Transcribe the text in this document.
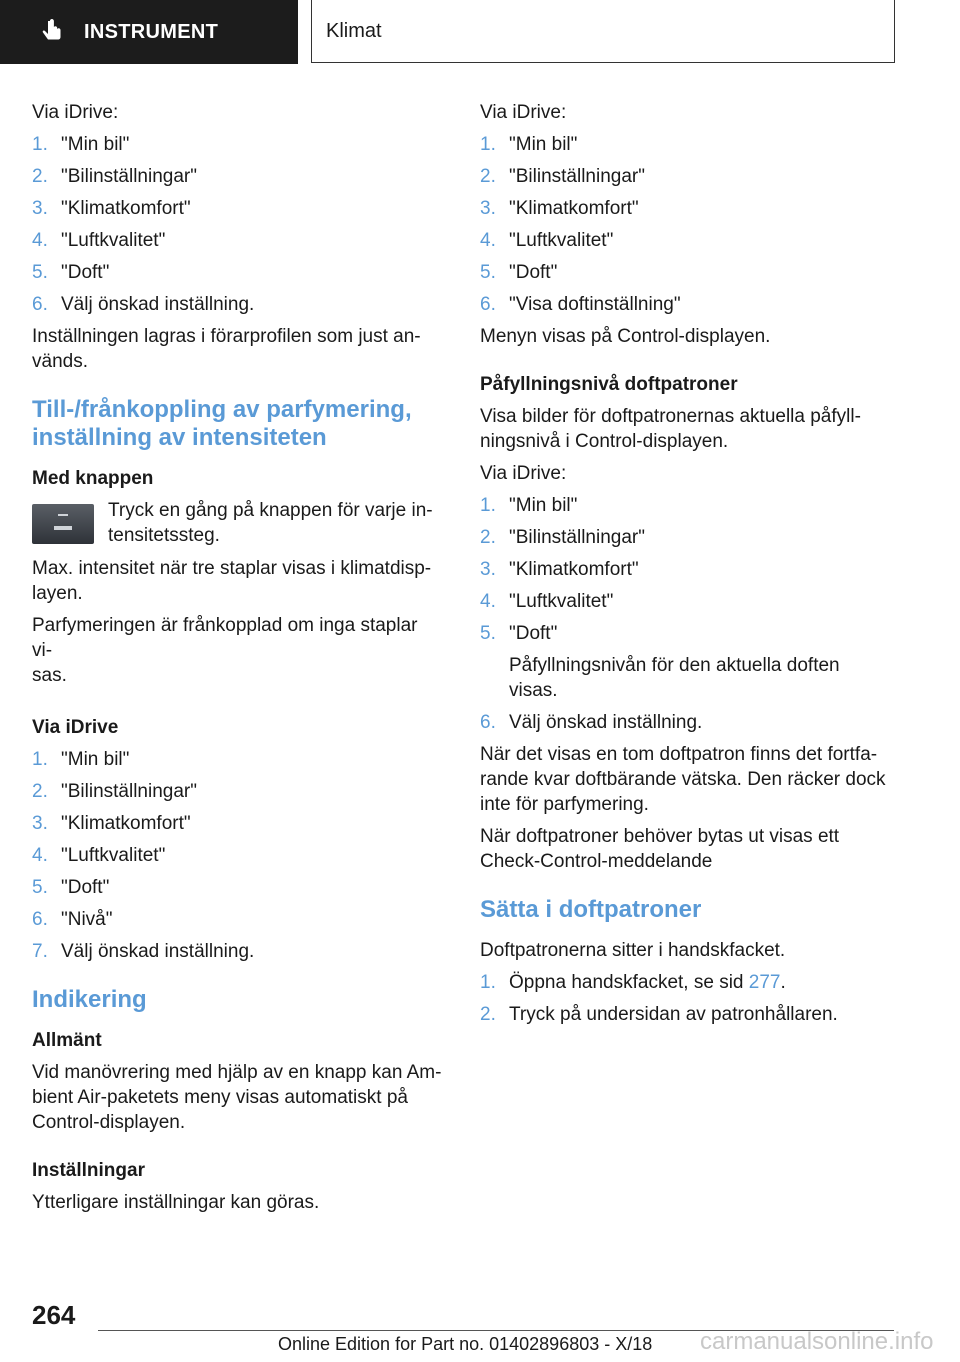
INSTRUMENT	Klimat

Via iDrive:

1. "Min bil"
2. "Bilinställningar"
3. "Klimatkomfort"
4. "Luftkvalitet"
5. "Doft"
6. Välj önskad inställning.

Inställningen lagras i förarprofilen som just an-
vänds.

Till-/frånkoppling av parfymering, inställning av intensiteten

Med knappen

Tryck en gång på knappen för varje in-
tensitetssteg.

Max. intensitet när tre staplar visas i klimatdisp-
layen.

Parfymeringen är frånkopplad om inga staplar vi-
sas.

Via iDrive

1. "Min bil"
2. "Bilinställningar"
3. "Klimatkomfort"
4. "Luftkvalitet"
5. "Doft"
6. "Nivå"
7. Välj önskad inställning.
Indikering

Allmänt

Vid manövrering med hjälp av en knapp kan Am-
bient Air-paketets meny visas automatiskt på
Control-displayen.

Inställningar

Ytterligare inställningar kan göras.

Via iDrive:

1. "Min bil"
2. "Bilinställningar"
3. "Klimatkomfort"
4. "Luftkvalitet"
5. "Doft"
6. "Visa doftinställning"

Menyn visas på Control-displayen.

Påfyllningsnivå doftpatroner

Visa bilder för doftpatronernas aktuella påfyll-
ningsnivå i Control-displayen.

Via iDrive:

1. "Min bil"
2. "Bilinställningar"
3. "Klimatkomfort"
4. "Luftkvalitet"
5. "Doft"
Påfyllningsnivån för den aktuella doften visas.
6. Välj önskad inställning.

När det visas en tom doftpatron finns det fortfa-
rande kvar doftbärande vätska. Den räcker dock
inte för parfymering.

När doftpatroner behöver bytas ut visas ett
Check-Control-meddelande

Sätta i doftpatroner

Doftpatronerna sitter i handskfacket.

1. Öppna handskfacket, se sid 277.
2. Tryck på undersidan av patronhållaren.
264
Online Edition for Part no. 01402896803 - X/18 carmanualsonline.info
